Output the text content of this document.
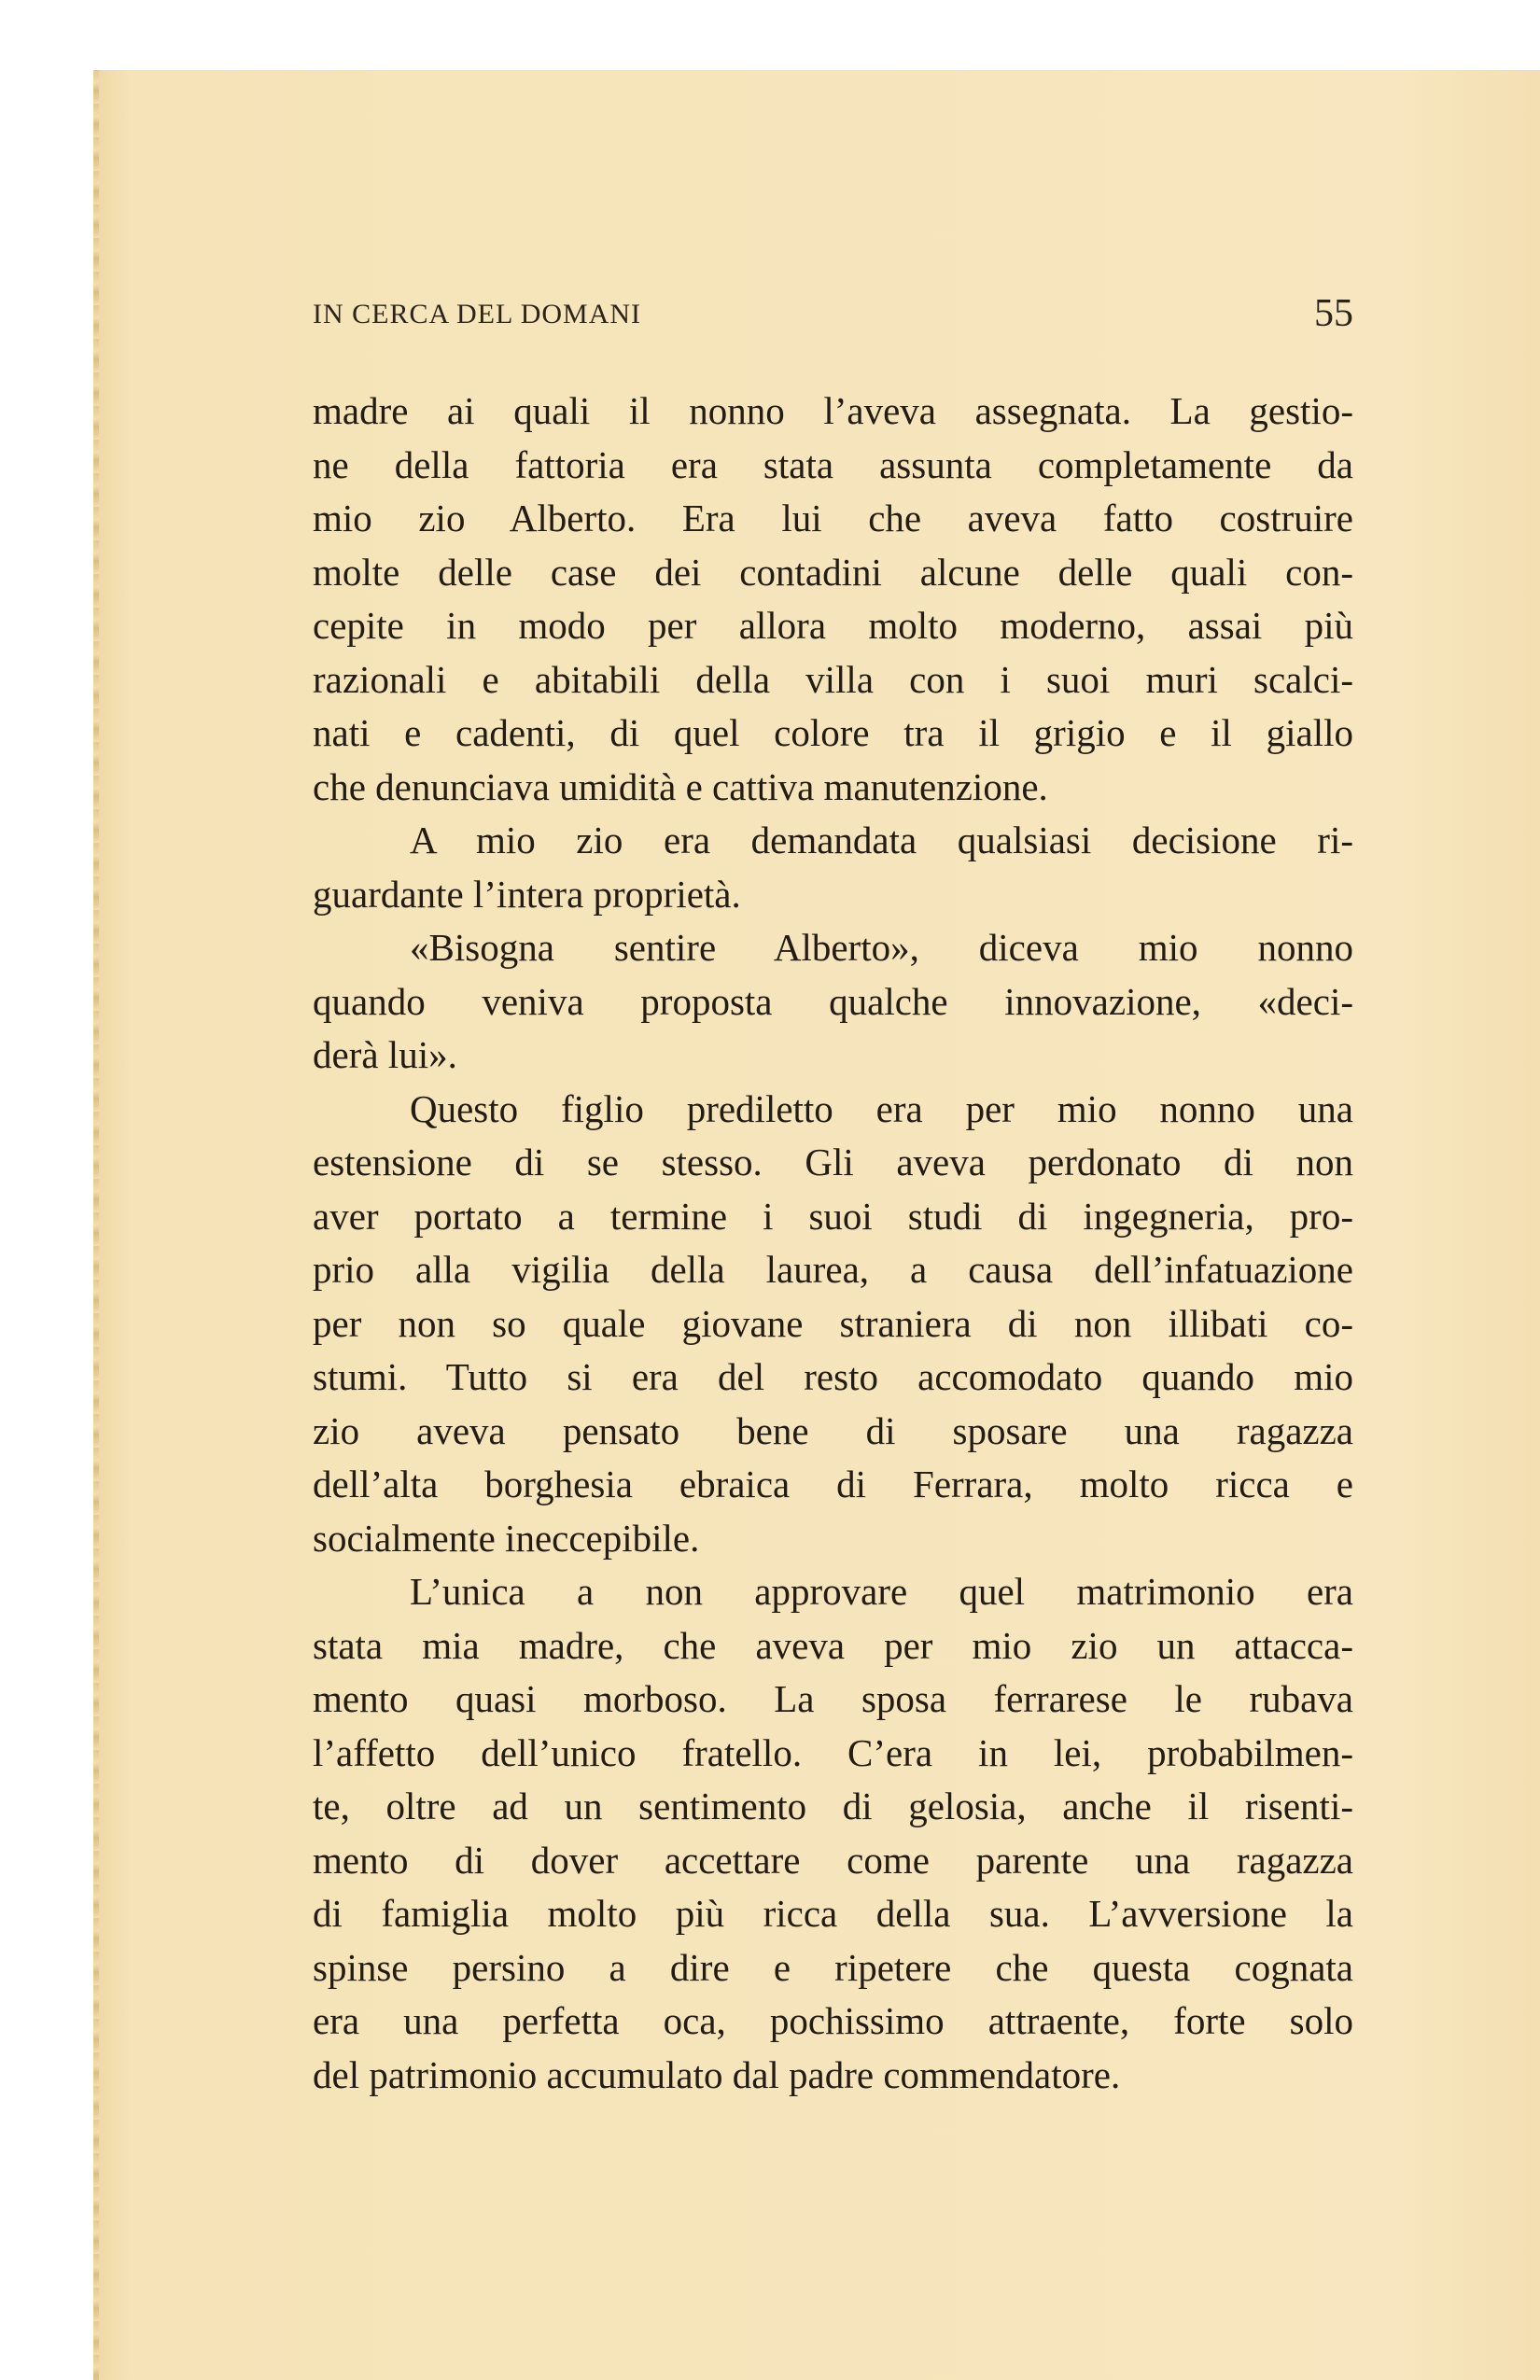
IN CERCA DEL DOMANI	55
madre ai quali il nonno l’aveva assegnata. La gestio-
ne della fattoria era stata assunta completamente da
mio zio Alberto. Era lui che aveva fatto costruire
molte delle case dei contadini alcune delle quali con-
cepite in modo per allora molto moderno, assai più
razionali e abitabili della villa con i suoi muri scalci-
nati e cadenti, di quel colore tra il grigio e il giallo
che denunciava umidità e cattiva manutenzione.
A mio zio era demandata qualsiasi decisione ri-
guardante l’intera proprietà.
«Bisogna sentire Alberto», diceva mio nonno
quando veniva proposta qualche innovazione, «deci-
derà lui».
Questo figlio prediletto era per mio nonno una
estensione di se stesso. Gli aveva perdonato di non
aver portato a termine i suoi studi di ingegneria, pro-
prio alla vigilia della laurea, a causa dell’infatuazione
per non so quale giovane straniera di non illibati co-
stumi. Tutto si era del resto accomodato quando mio
zio aveva pensato bene di sposare una ragazza
dell’alta borghesia ebraica di Ferrara, molto ricca e
socialmente ineccepibile.
L’unica a non approvare quel matrimonio era
stata mia madre, che aveva per mio zio un attacca-
mento quasi morboso. La sposa ferrarese le rubava
l’affetto dell’unico fratello. C’era in lei, probabilmen-
te, oltre ad un sentimento di gelosia, anche il risenti-
mento di dover accettare come parente una ragazza
di famiglia molto più ricca della sua. L’avversione la
spinse persino a dire e ripetere che questa cognata
era una perfetta oca, pochissimo attraente, forte solo
del patrimonio accumulato dal padre commendatore.
